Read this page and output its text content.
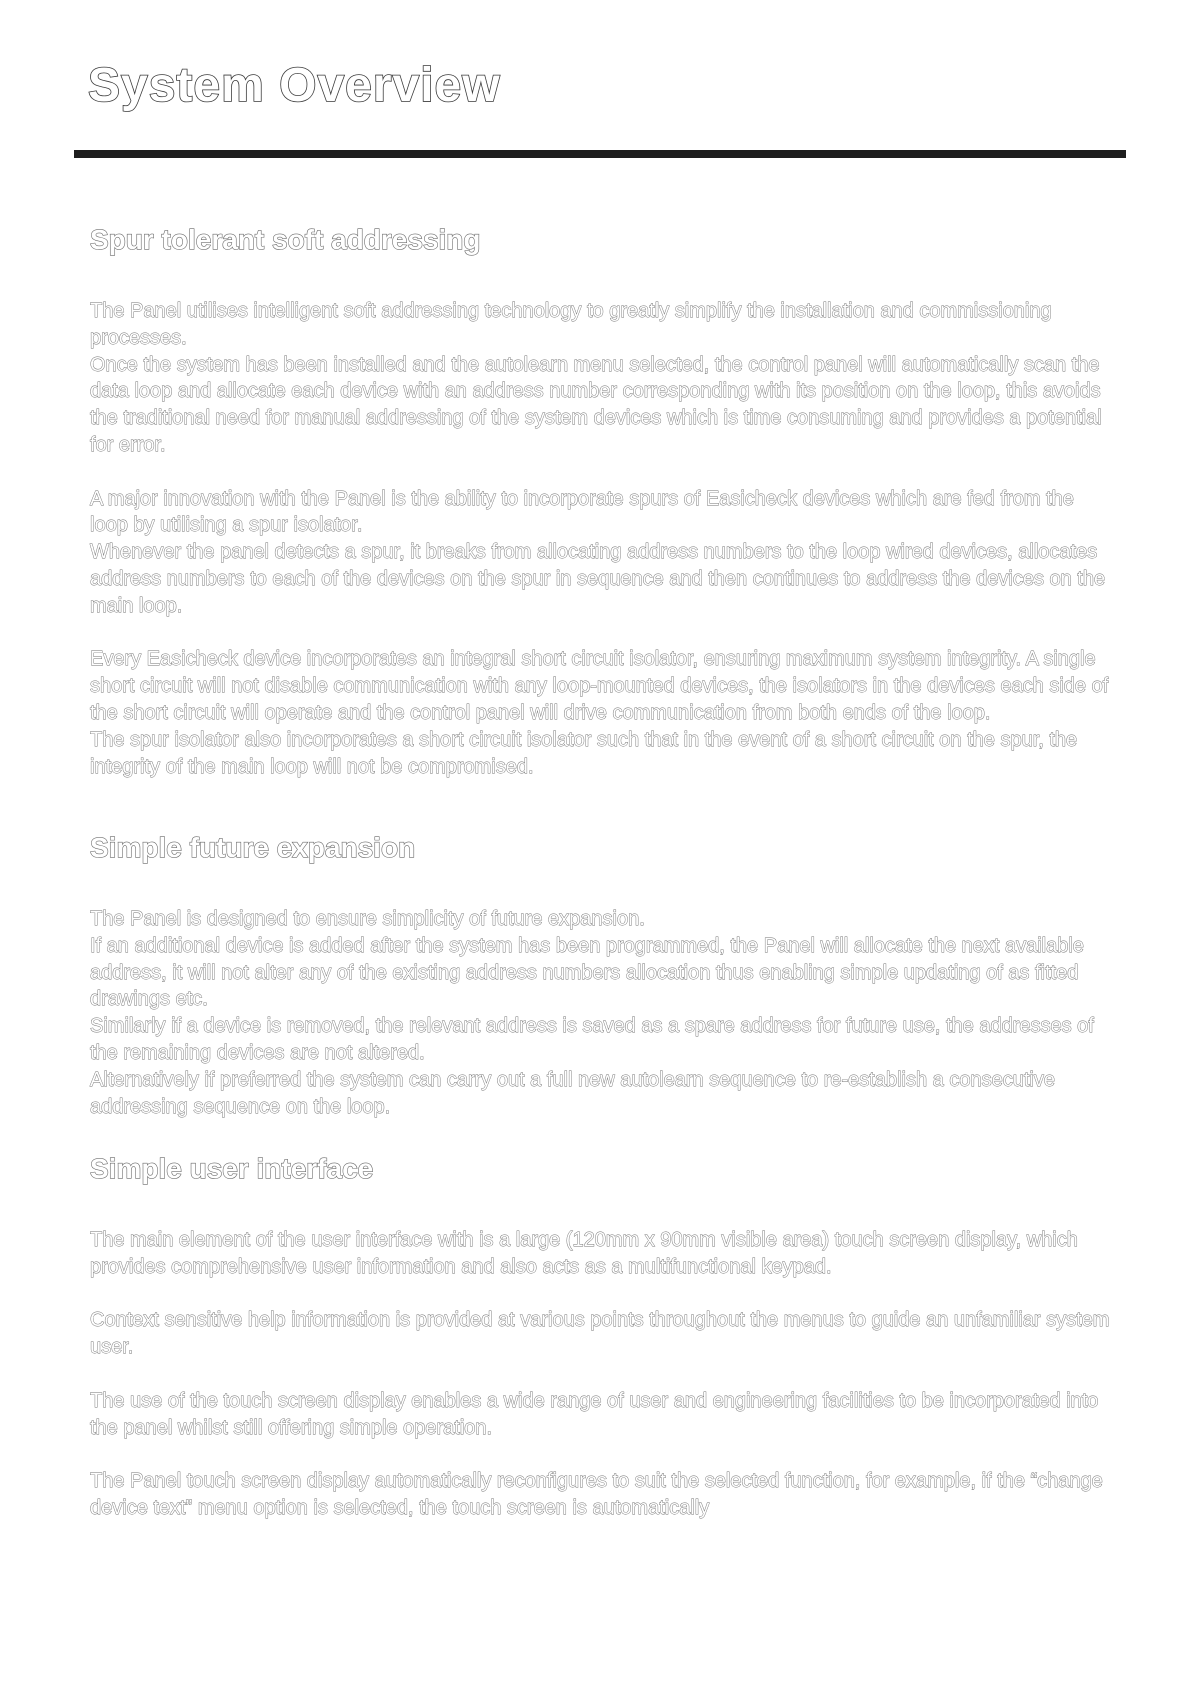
System Overview
Spur tolerant soft addressing

The Panel utilises intelligent soft addressing technology to greatly simplify the installation and commissioning processes.

Once the system has been installed and the autolearn menu selected, the control panel will automatically scan the data loop and allocate each device with an address number corresponding with its position on the loop, this avoids the traditional need for manual addressing of the system devices which is time consuming and provides a potential for error.

A major innovation with the Panel is the ability to incorporate spurs of Easicheck devices which are fed from the loop by utilising a spur isolator.

Whenever the panel detects a spur, it breaks from allocating address numbers to the loop wired devices, allocates address numbers to each of the devices on the spur in sequence and then continues to address the devices on the main loop.

Every Easicheck device incorporates an integral short circuit isolator, ensuring maximum system integrity. A single short circuit will not disable communication with any loop-mounted devices, the isolators in the devices each side of the short circuit will operate and the control panel will drive communication from both ends of the loop.

The spur isolator also incorporates a short circuit isolator such that in the event of a short circuit on the spur, the integrity of the main loop will not be compromised.

Simple future expansion

The Panel is designed to ensure simplicity of future expansion.

If an additional device is added after the system has been programmed, the Panel will allocate the next available address, it will not alter any of the existing address numbers allocation thus enabling simple updating of as fitted drawings etc.

Similarly if a device is removed, the relevant address is saved as a spare address for future use, the addresses of the remaining devices are not altered.

Alternatively if preferred the system can carry out a full new autolearn sequence to re-establish a consecutive addressing sequence on the loop.

Simple user interface

The main element of the user interface with is a large (120mm x 90mm visible area) touch screen display, which provides comprehensive user information and also acts as a multifunctional keypad.

Context sensitive help information is provided at various points throughout the menus to guide an unfamiliar system user.

The use of the touch screen display enables a wide range of user and engineering facilities to be incorporated into the panel whilst still offering simple operation.

The Panel touch screen display automatically reconfigures to suit the selected function, for example, if the “change device text” menu option is selected, the touch screen is automatically
